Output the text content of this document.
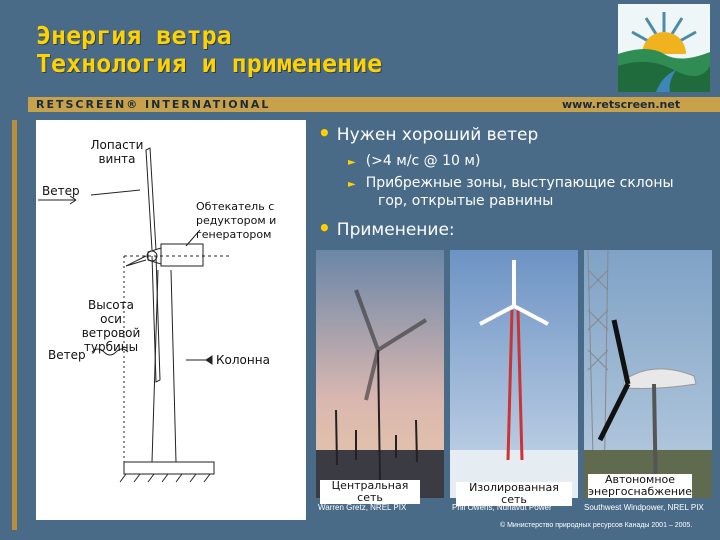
Энергия ветра
Технология и применение
RETSCREEN® INTERNATIONAL	www.retscreen.net
Лопасти винта
Ветер
Обтекатель с редуктором и генератором
Высота оси ветровой турбины
Ветер	Колонна
• Нужен хороший ветер
► (>4 м/с @ 10 м)
► Прибрежные зоны, выступающие склоны
гор, открытые равнины
• Применение:
Центральная сеть
Warren Gretz, NREL PIX
Изолированная сеть
Phil Owens, Nunavut Power
Автономное
энергоснабжение
Southwest Windpower, NREL PIX
© Министерство природных ресурсов Канады 2001 – 2005.
